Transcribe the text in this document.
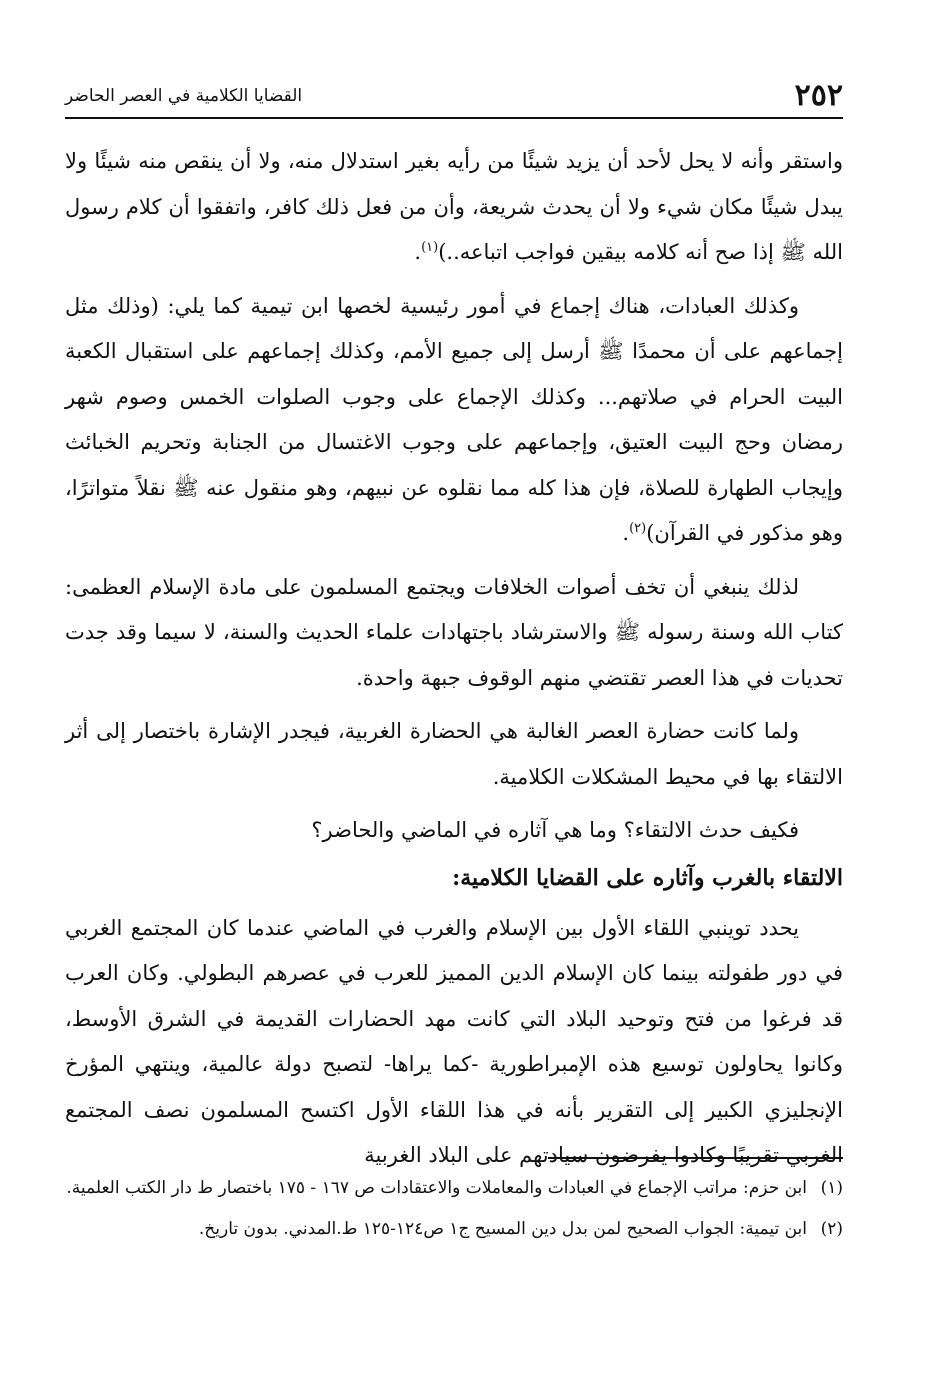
٢٥٢
القضايا الكلامية في العصر الحاضر

واستقر وأنه لا يحل لأحد أن يزيد شيئًا من رأيه بغير استدلال منه، ولا أن ينقص منه شيئًا ولا يبدل شيئًا مكان شيء ولا أن يحدث شريعة، وأن من فعل ذلك كافر، واتفقوا أن كلام رسول الله ﷺ إذا صح أنه كلامه بيقين فواجب اتباعه..)$^{(١)}$.

وكذلك العبادات، هناك إجماع في أمور رئيسية لخصها ابن تيمية كما يلي: (وذلك مثل إجماعهم على أن محمدًا ﷺ أرسل إلى جميع الأمم، وكذلك إجماعهم على استقبال الكعبة البيت الحرام في صلاتهم... وكذلك الإجماع على وجوب الصلوات الخمس وصوم شهر رمضان وحج البيت العتيق، وإجماعهم على وجوب الاغتسال من الجنابة وتحريم الخبائث وإيجاب الطهارة للصلاة، فإن هذا كله مما نقلوه عن نبيهم، وهو منقول عنه ﷺ نقلاً متواترًا، وهو مذكور في القرآن)$^{(٢)}$.

لذلك ينبغي أن تخف أصوات الخلافات ويجتمع المسلمون على مادة الإسلام العظمى: كتاب الله وسنة رسوله ﷺ والاسترشاد باجتهادات علماء الحديث والسنة، لا سيما وقد جدت تحديات في هذا العصر تقتضي منهم الوقوف جبهة واحدة.

ولما كانت حضارة العصر الغالبة هي الحضارة الغربية، فيجدر الإشارة باختصار إلى أثر الالتقاء بها في محيط المشكلات الكلامية.

فكيف حدث الالتقاء؟ وما هي آثاره في الماضي والحاضر؟

الالتقاء بالغرب وآثاره على القضايا الكلامية:

يحدد توينبي اللقاء الأول بين الإسلام والغرب في الماضي عندما كان المجتمع الغربي في دور طفولته بينما كان الإسلام الدين المميز للعرب في عصرهم البطولي. وكان العرب قد فرغوا من فتح وتوحيد البلاد التي كانت مهد الحضارات القديمة في الشرق الأوسط، وكانوا يحاولون توسيع هذه الإمبراطورية -كما يراها- لتصبح دولة عالمية، وينتهي المؤرخ الإنجليزي الكبير إلى التقرير بأنه في هذا اللقاء الأول اكتسح المسلمون نصف المجتمع الغربي تقريبًا وكادوا يفرضون سيادتهم على البلاد الغربية

(١)
ابن حزم: مراتب الإجماع في العبادات والمعاملات والاعتقادات ص ١٦٧ - ١٧٥ باختصار ط دار الكتب العلمية.
(٢)
ابن تيمية: الجواب الصحيح لمن بدل دين المسيح ج١ ص١٢٤-١٢٥ ط.المدني. بدون تاريخ.
